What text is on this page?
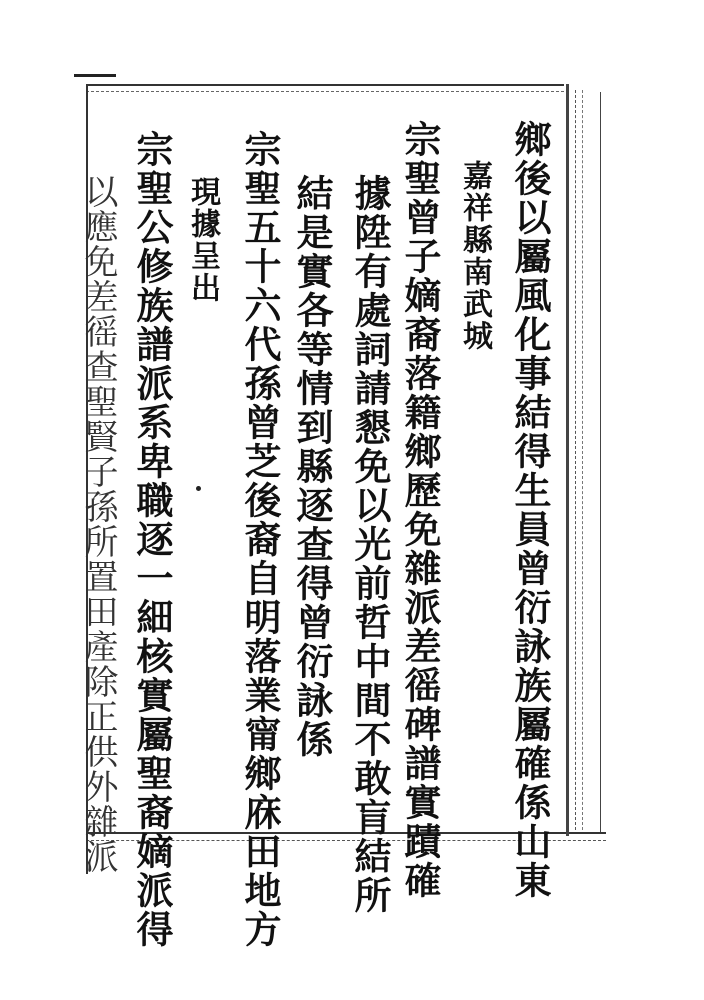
鄉後以屬風化事結得生員曾衍詠族屬確係山東
嘉祥縣南武城
宗聖曾子嫡裔落籍鄉歷免雜派差徭碑譜實蹟確
據陞有處詞請懇免以光前哲中間不敢肓結所
結是實各等情到縣逐查得曾衍詠係
宗聖五十六代孫曾芝後裔自明落業甯鄉庥田地方
現據呈出
宗聖公修族譜派系卑職逐一細核實屬聖裔嫡派得
以應免差徭查聖賢子孫所置田產除正供外雜派
